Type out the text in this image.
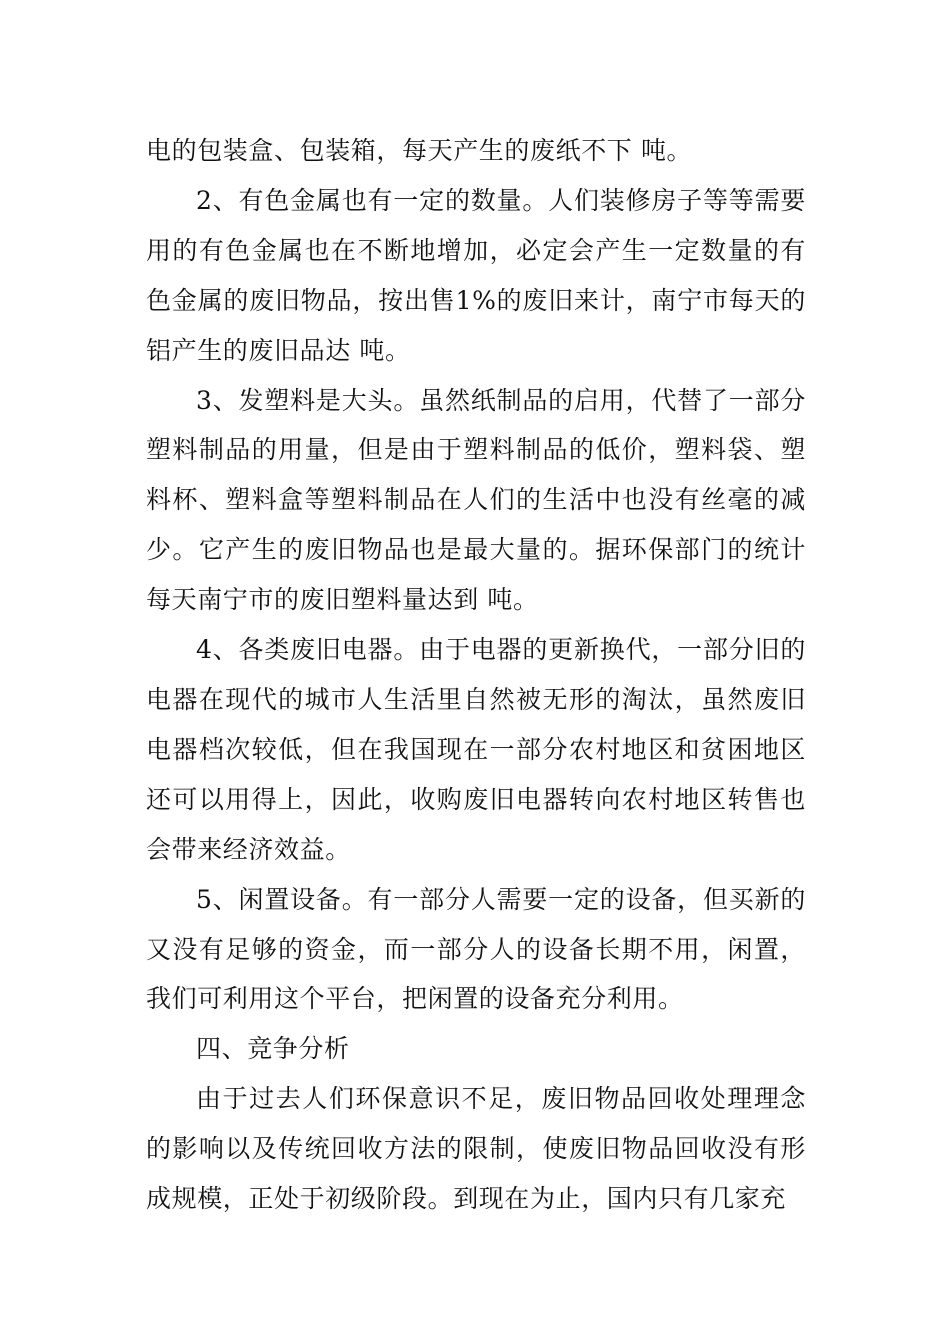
电的包装盒、包装箱，每天产生的废纸不下 吨。

2、有色金属也有一定的数量。人们装修房子等等需要用的有色金属也在不断地增加，必定会产生一定数量的有色金属的废旧物品，按出售1%的废旧来计，南宁市每天的铝产生的废旧品达 吨。

3、发塑料是大头。虽然纸制品的启用，代替了一部分塑料制品的用量，但是由于塑料制品的低价，塑料袋、塑料杯、塑料盒等塑料制品在人们的生活中也没有丝毫的减少。它产生的废旧物品也是最大量的。据环保部门的统计每天南宁市的废旧塑料量达到 吨。

4、各类废旧电器。由于电器的更新换代，一部分旧的电器在现代的城市人生活里自然被无形的淘汰，虽然废旧电器档次较低，但在我国现在一部分农村地区和贫困地区还可以用得上，因此，收购废旧电器转向农村地区转售也会带来经济效益。

5、闲置设备。有一部分人需要一定的设备，但买新的又没有足够的资金，而一部分人的设备长期不用，闲置，我们可利用这个平台，把闲置的设备充分利用。

四、竞争分析

由于过去人们环保意识不足，废旧物品回收处理理念的影响以及传统回收方法的限制，使废旧物品回收没有形成规模，正处于初级阶段。到现在为止，国内只有几家充
